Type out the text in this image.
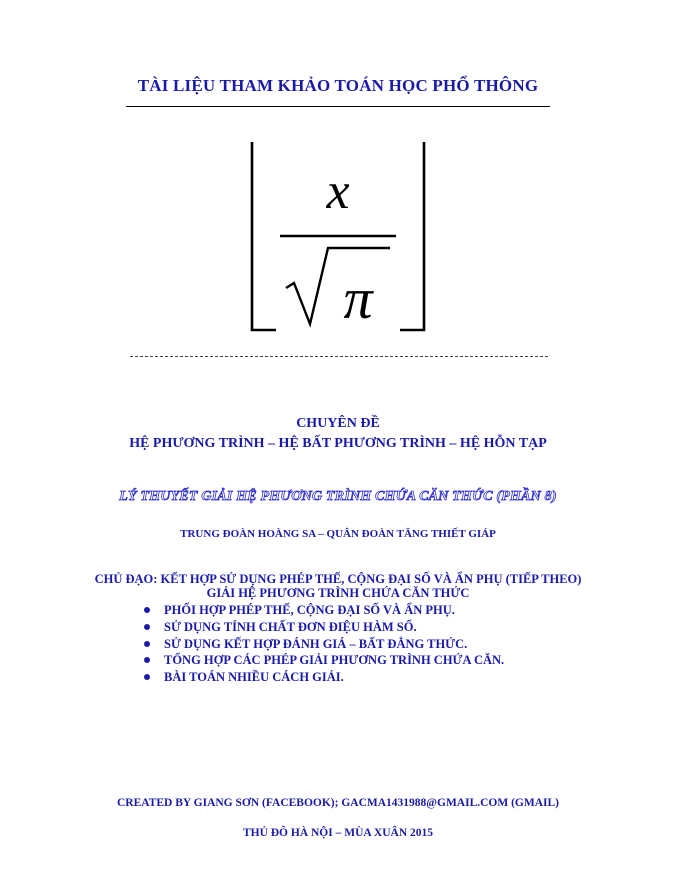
TÀI LIỆU THAM KHẢO TOÁN HỌC PHỔ THÔNG
x
π
CHUYÊN ĐỀ
HỆ PHƯƠNG TRÌNH – HỆ BẤT PHƯƠNG TRÌNH – HỆ HỖN TẠP
LÝ THUYẾT GIẢI HỆ PHƯƠNG TRÌNH CHỨA CĂN THỨC (PHẦN 8)
TRUNG ĐOÀN HOÀNG SA – QUÂN ĐOÀN TĂNG THIẾT GIÁP
CHỦ ĐẠO: KẾT HỢP SỬ DỤNG PHÉP THẾ, CỘNG ĐẠI SỐ VÀ ẨN PHỤ (TIẾP THEO)
GIẢI HỆ PHƯƠNG TRÌNH CHỨA CĂN THỨC
PHỐI HỢP PHÉP THẾ, CỘNG ĐẠI SỐ VÀ ẨN PHỤ.
SỬ DỤNG TÍNH CHẤT ĐƠN ĐIỆU HÀM SỐ.
SỬ DỤNG KẾT HỢP ĐÁNH GIÁ – BẤT ĐẲNG THỨC.
TỔNG HỢP CÁC PHÉP GIẢI PHƯƠNG TRÌNH CHỨA CĂN.
BÀI TOÁN NHIỀU CÁCH GIẢI.
CREATED BY GIANG SƠN (FACEBOOK); GACMA1431988@GMAIL.COM (GMAIL)
THỦ ĐÔ HÀ NỘI – MÙA XUÂN 2015
